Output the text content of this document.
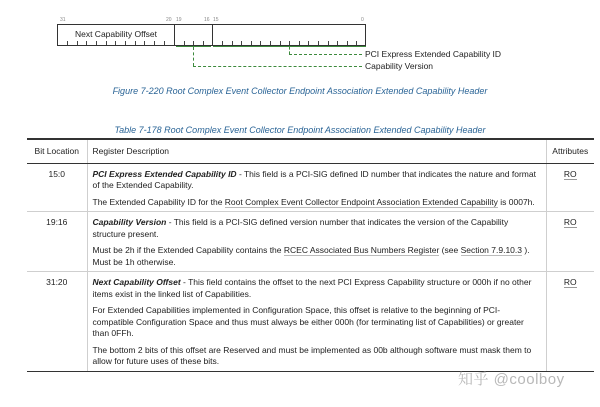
31	20 19	16 15	0
Next Capability Offset
PCI Express Extended Capability ID
Capability Version
Figure 7-220 Root Complex Event Collector Endpoint Association Extended Capability Header
Table 7-178 Root Complex Event Collector Endpoint Association Extended Capability Header
Bit Location	Register Description	Attributes
15:0	PCI Express Extended Capability ID - This field is a PCI-SIG defined ID number that indicates the nature and format of the Extended Capability.

The Extended Capability ID for the Root Complex Event Collector Endpoint Association Extended Capability is 0007h.	RO
19:16	Capability Version - This field is a PCI-SIG defined version number that indicates the version of the Capability structure present.

Must be 2h if the Extended Capability contains the RCEC Associated Bus Numbers Register (see Section 7.9.10.3 ). Must be 1h otherwise.	RO
31:20	Next Capability Offset - This field contains the offset to the next PCI Express Capability structure or 000h if no other items exist in the linked list of Capabilities.

For Extended Capabilities implemented in Configuration Space, this offset is relative to the beginning of PCI-compatible Configuration Space and thus must always be either 000h (for terminating list of Capabilities) or greater than 0FFh.

The bottom 2 bits of this offset are Reserved and must be implemented as 00b although software must mask them to allow for future uses of these bits.	RO
知乎 @coolboy
